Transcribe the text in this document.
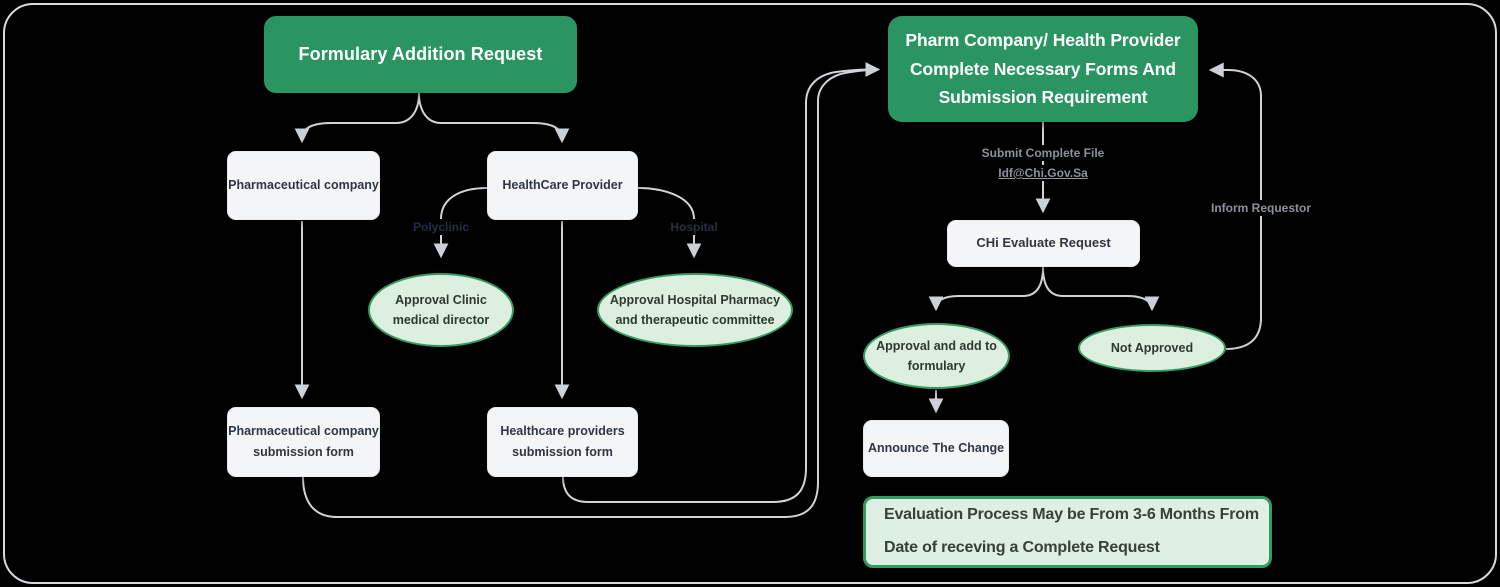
Formulary Addition Request
Pharm Company/ Health Provider
Complete Necessary Forms And
Submission Requirement
Pharmaceutical company	HealthCare Provider
Pharmaceutical company
submission form
Healthcare providers
submission form
CHi Evaluate Request
Announce The Change
Approval Clinic
medical director
Approval Hospital Pharmacy
and therapeutic committee
Approval and add to
formulary
Not Approved
Evaluation Process May be From 3-6 Months From
Date of receving a Complete Request
Polyclinic	Hospital
Submit Complete File
Idf@Chi.Gov.Sa
Inform Requestor
